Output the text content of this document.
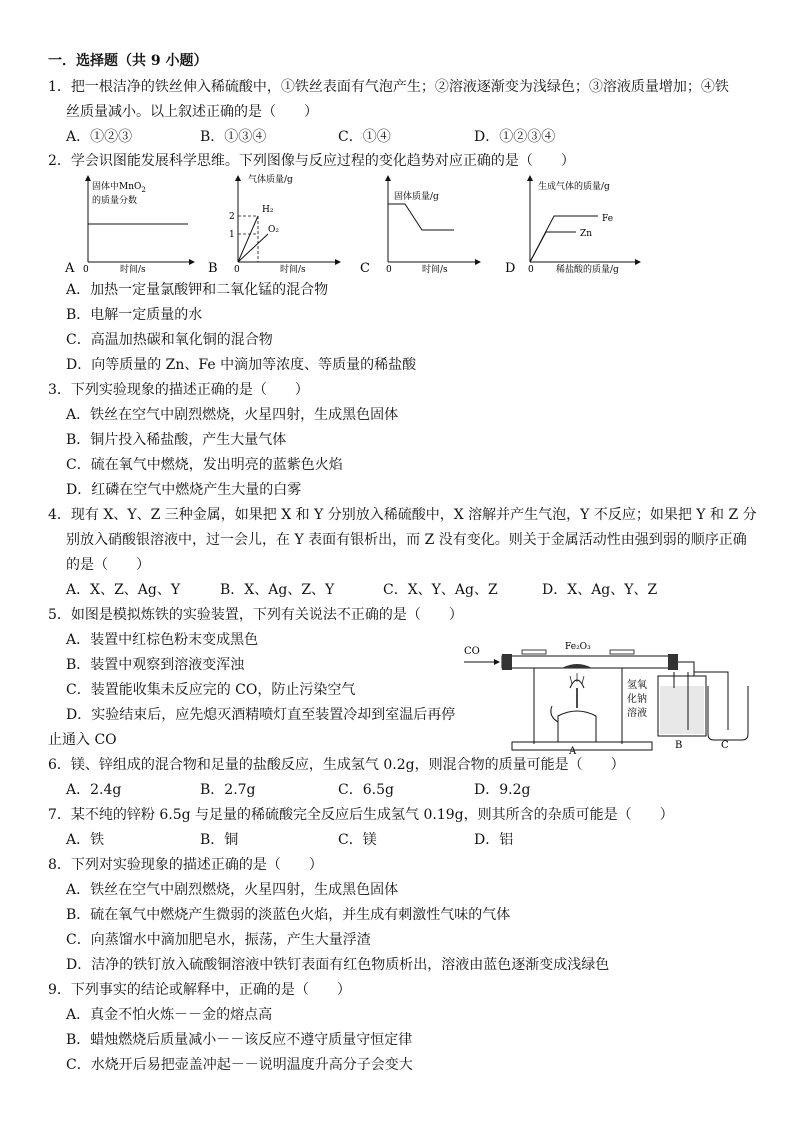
一．选择题（共 9 小题）
1．把一根洁净的铁丝伸入稀硫酸中，①铁丝表面有气泡产生；②溶液逐渐变为浅绿色；③溶液质量增加；④铁
丝质量减小。以上叙述正确的是（　　）
A．①②③	B．①③④	C．①④	D．①②③④
2．学会识图能发展科学思维。下列图像与反应过程的变化趋势对应正确的是（　　）
固体中MnO$_2$
的质量分数
A 0	时间/s
气体质量/g
2
1
H₂
O₂
B 0	时间/s
固体质量/g
C 0	时间/s
生成气体的质量/g
Fe
Zn
D 0 稀盐酸的质量/g
A．加热一定量氯酸钾和二氧化锰的混合物
B．电解一定质量的水
C．高温加热碳和氧化铜的混合物
D．向等质量的 Zn、Fe 中滴加等浓度、等质量的稀盐酸
3．下列实验现象的描述正确的是（　　）
A．铁丝在空气中剧烈燃烧，火星四射，生成黑色固体
B．铜片投入稀盐酸，产生大量气体
C．硫在氧气中燃烧，发出明亮的蓝紫色火焰
D．红磷在空气中燃烧产生大量的白雾
4．现有 X、Y、Z 三种金属，如果把 X 和 Y 分别放入稀硫酸中，X 溶解并产生气泡，Y 不反应；如果把 Y 和 Z 分
别放入硝酸银溶液中，过一会儿，在 Y 表面有银析出，而 Z 没有变化。则关于金属活动性由强到弱的顺序正确
的是（　　）
A．X、Z、Ag、Y	B．X、Ag、Z、Y	C．X、Y、Ag、Z	D．X、Ag、Y、Z
5．如图是模拟炼铁的实验装置，下列有关说法不正确的是（　　）
A．装置中红棕色粉末变成黑色
B．装置中观察到溶液变浑浊
C．装置能收集未反应完的 CO，防止污染空气
D．实验结束后，应先熄灭酒精喷灯直至装置冷却到室温后再停
止通入 CO
CO	Fe₂O₃
A
氢氧
化钠
溶液
B	C
6．镁、锌组成的混合物和足量的盐酸反应，生成氢气 0.2g，则混合物的质量可能是（　　）
A．2.4g	B．2.7g	C．6.5g	D．9.2g
7．某不纯的锌粉 6.5g 与足量的稀硫酸完全反应后生成氢气 0.19g，则其所含的杂质可能是（　　）
A．铁	B．铜	C．镁	D．铝
8．下列对实验现象的描述正确的是（　　）
A．铁丝在空气中剧烈燃烧，火星四射，生成黑色固体
B．硫在氧气中燃烧产生微弱的淡蓝色火焰，并生成有刺激性气味的气体
C．向蒸馏水中滴加肥皂水，振荡，产生大量浮渣
D．洁净的铁钉放入硫酸铜溶液中铁钉表面有红色物质析出，溶液由蓝色逐渐变成浅绿色
9．下列事实的结论或解释中，正确的是（　　）
A．真金不怕火炼－－金的熔点高
B．蜡烛燃烧后质量减小－－该反应不遵守质量守恒定律
C．水烧开后易把壶盖冲起－－说明温度升高分子会变大
